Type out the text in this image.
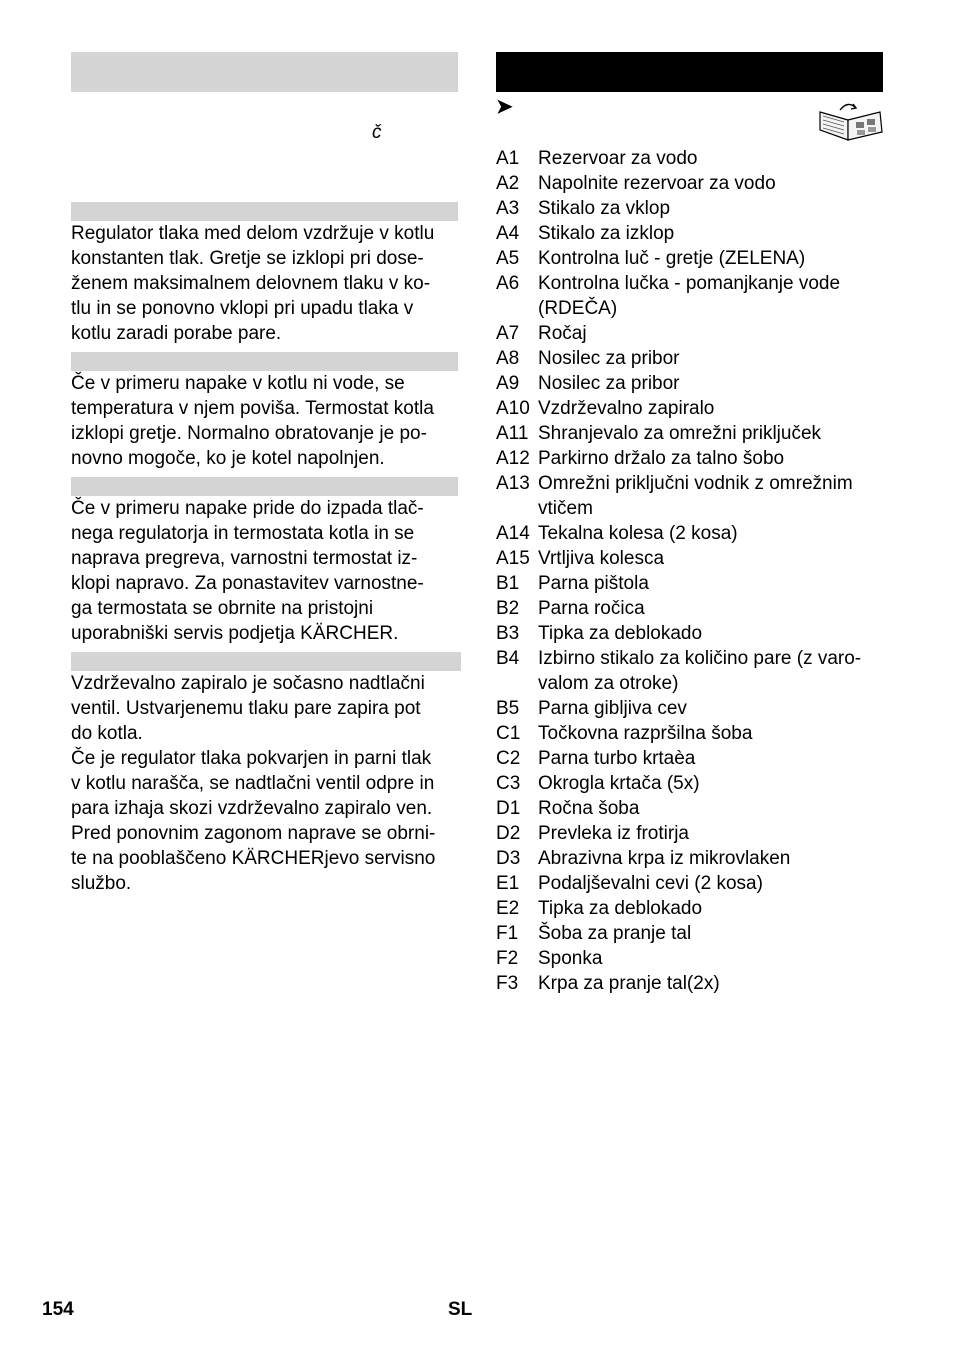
č
Regulator tlaka med delom vzdržuje v kotlu
konstanten tlak. Gretje se izklopi pri dose-
ženem maksimalnem delovnem tlaku v ko-
tlu in se ponovno vklopi pri upadu tlaka v
kotlu zaradi porabe pare.
Če v primeru napake v kotlu ni vode, se
temperatura v njem poviša. Termostat kotla
izklopi gretje. Normalno obratovanje je po-
novno mogoče, ko je kotel napolnjen.
Če v primeru napake pride do izpada tlač-
nega regulatorja in termostata kotla in se
naprava pregreva, varnostni termostat iz-
klopi napravo. Za ponastavitev varnostne-
ga termostata se obrnite na pristojni
uporabniški servis podjetja KÄRCHER.
Vzdrževalno zapiralo je sočasno nadtlačni
ventil. Ustvarjenemu tlaku pare zapira pot
do kotla.
Če je regulator tlaka pokvarjen in parni tlak
v kotlu narašča, se nadtlačni ventil odpre in
para izhaja skozi vzdrževalno zapiralo ven.
Pred ponovnim zagonom naprave se obrni-
te na pooblaščeno KÄRCHERjevo servisno
službo.
➤
A1 Rezervoar za vodo
A2 Napolnite rezervoar za vodo
A3 Stikalo za vklop
A4 Stikalo za izklop
A5 Kontrolna luč - gretje (ZELENA)
A6 Kontrolna lučka - pomanjkanje vode
(RDEČA)
A7 Ročaj
A8 Nosilec za pribor
A9 Nosilec za pribor
A10 Vzdrževalno zapiralo
A11 Shranjevalo za omrežni priključek
A12 Parkirno držalo za talno šobo
A13 Omrežni priključni vodnik z omrežnim
vtičem
A14 Tekalna kolesa (2 kosa)
A15 Vrtljiva kolesca
B1 Parna pištola
B2 Parna ročica
B3 Tipka za deblokado
B4 Izbirno stikalo za količino pare (z varo-
valom za otroke)
B5 Parna gibljiva cev
C1 Točkovna razpršilna šoba
C2 Parna turbo krtaèa
C3 Okrogla krtača (5x)
D1 Ročna šoba
D2 Prevleka iz frotirja
D3 Abrazivna krpa iz mikrovlaken
E1 Podaljševalni cevi (2 kosa)
E2 Tipka za deblokado
F1	Šoba za pranje tal
F2	Sponka
F3	Krpa za pranje tal(2x)
154	SL
